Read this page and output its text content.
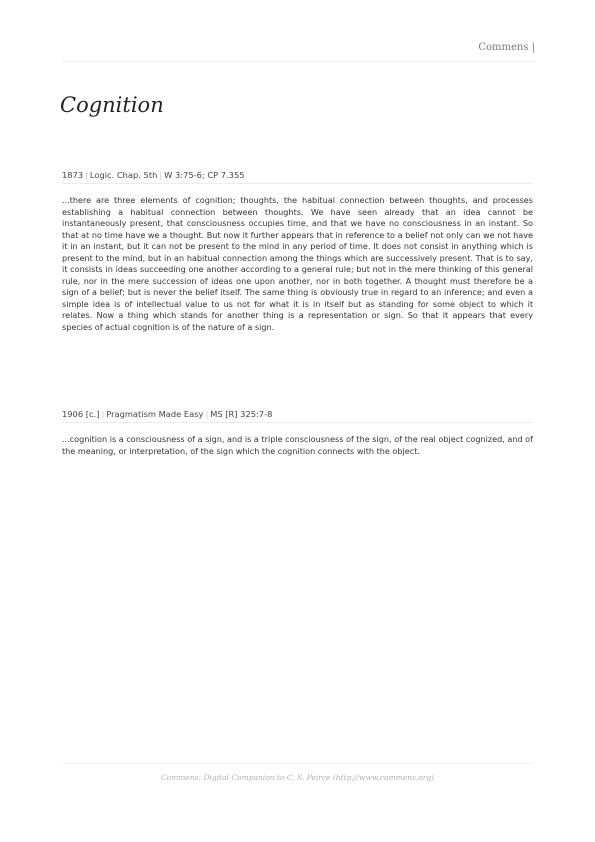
Commens |
Cognition
1873 | Logic. Chap. 5th | W 3:75-6; CP 7.355

...there are three elements of cognition; thoughts, the habitual connection between thoughts, and processes establishing a habitual connection between thoughts. We have seen already that an idea cannot be instantaneously present, that consciousness occupies time, and that we have no consciousness in an instant. So that at no time have we a thought. But now it further appears that in reference to a belief not only can we not have it in an instant, but it can not be present to the mind in any period of time. It does not consist in anything which is present to the mind, but in an habitual connection among the things which are successively present. That is to say, it consists in ideas succeeding one another according to a general rule; but not in the mere thinking of this general rule, nor in the mere succession of ideas one upon another, nor in both together. A thought must therefore be a sign of a belief; but is never the belief itself. The same thing is obviously true in regard to an inference; and even a simple idea is of intellectual value to us not for what it is in itself but as standing for some object to which it relates. Now a thing which stands for another thing is a representation or sign. So that it appears that every species of actual cognition is of the nature of a sign.

1906 [c.] | Pragmatism Made Easy | MS [R] 325:7-8

...cognition is a consciousness of a sign, and is a triple consciousness of the sign, of the real object cognized, and of the meaning, or interpretation, of the sign which the cognition connects with the object.

Commens: Digital Companion to C. S. Peirce (http://www.commens.org)
